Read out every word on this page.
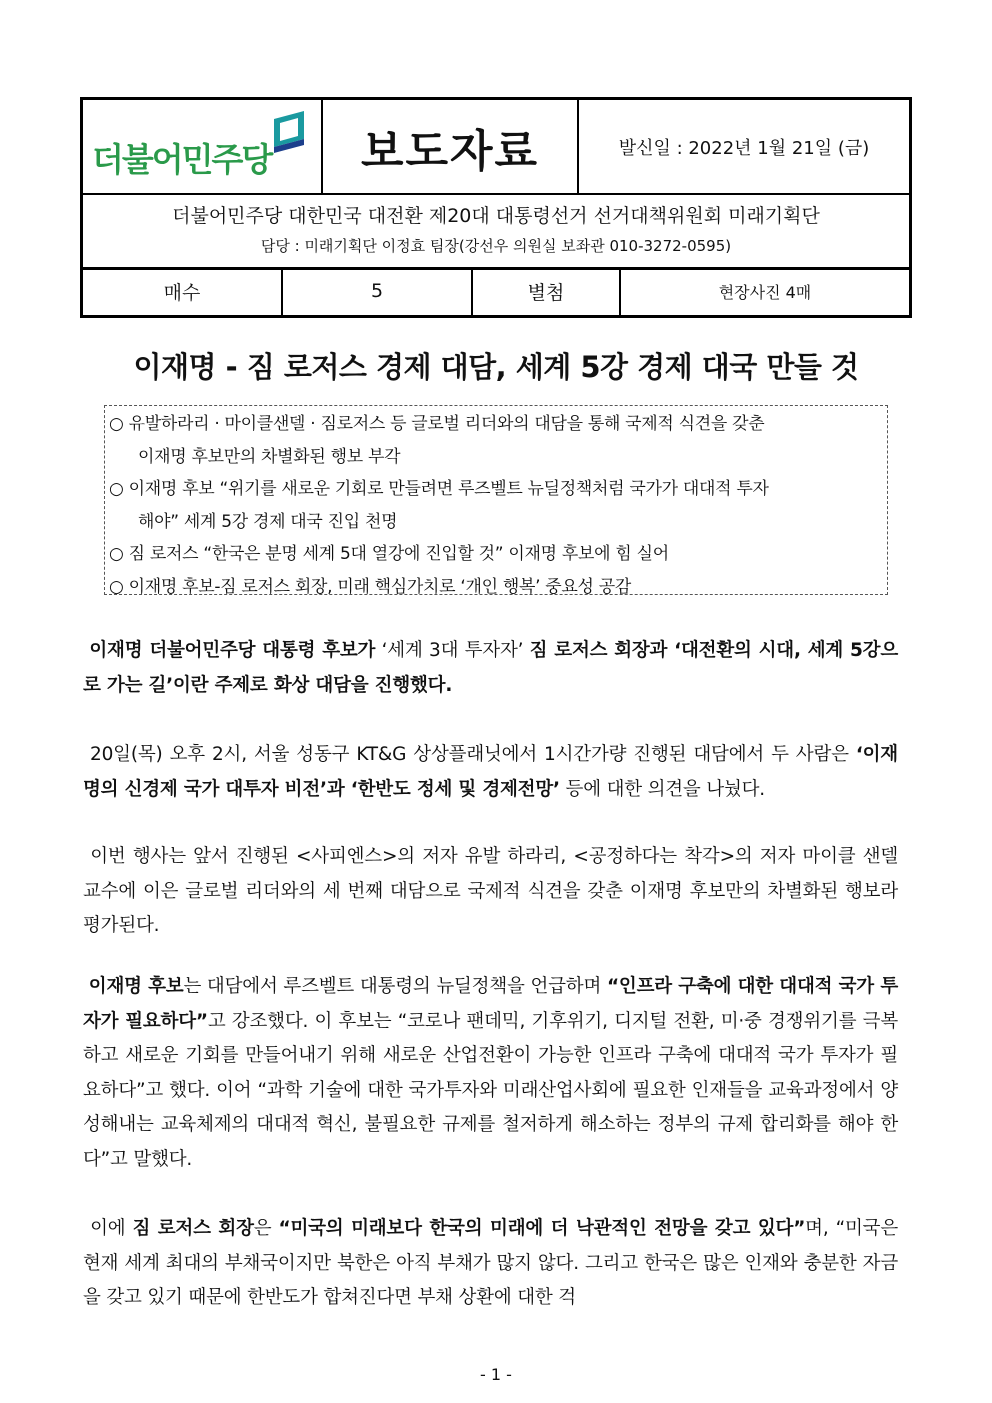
더불어민주당	보도자료	발신일 : 2022년 1월 21일 (금)
더불어민주당 대한민국 대전환 제20대 대통령선거 선거대책위원회 미래기획단
담당 : 미래기획단 이정효 팀장(강선우 의원실 보좌관 010-3272-0595)
매수	5	별첨	현장사진 4매
이재명 - 짐 로저스 경제 대담, 세계 5강 경제 대국 만들 것
○ 유발하라리 · 마이클샌델 · 짐로저스 등 글로벌 리더와의 대담을 통해 국제적 식견을 갖춘
이재명 후보만의 차별화된 행보 부각
○ 이재명 후보 “위기를 새로운 기회로 만들려면 루즈벨트 뉴딜정책처럼 국가가 대대적 투자
해야” 세계 5강 경제 대국 진입 천명
○ 짐 로저스 “한국은 분명 세계 5대 열강에 진입할 것” 이재명 후보에 힘 실어
○ 이재명 후보-짐 로저스 회장, 미래 핵심가치로 ‘개인 행복’ 중요성 공감
이재명 더불어민주당 대통령 후보가 ‘세계 3대 투자자’ 짐 로저스 회장과 ‘대전환의 시대, 세계 5강으로 가는 길’이란 주제로 화상 대담을 진행했다.
20일(목) 오후 2시, 서울 성동구 KT&G 상상플래닛에서 1시간가량 진행된 대담에서 두 사람은 ‘이재명의 신경제 국가 대투자 비전’과 ‘한반도 정세 및 경제전망’ 등에 대한 의견을 나눴다.
이번 행사는 앞서 진행된 <사피엔스>의 저자 유발 하라리, <공정하다는 착각>의 저자 마이클 샌델 교수에 이은 글로벌 리더와의 세 번째 대담으로 국제적 식견을 갖춘 이재명 후보만의 차별화된 행보라 평가된다.
이재명 후보는 대담에서 루즈벨트 대통령의 뉴딜정책을 언급하며 “인프라 구축에 대한 대대적 국가 투자가 필요하다”고 강조했다. 이 후보는 “코로나 팬데믹, 기후위기, 디지털 전환, 미·중 경쟁위기를 극복하고 새로운 기회를 만들어내기 위해 새로운 산업전환이 가능한 인프라 구축에 대대적 국가 투자가 필요하다”고 했다. 이어 “과학 기술에 대한 국가투자와 미래산업사회에 필요한 인재들을 교육과정에서 양성해내는 교육체제의 대대적 혁신, 불필요한 규제를 철저하게 해소하는 정부의 규제 합리화를 해야 한다”고 말했다.
이에 짐 로저스 회장은 “미국의 미래보다 한국의 미래에 더 낙관적인 전망을 갖고 있다”며, “미국은 현재 세계 최대의 부채국이지만 북한은 아직 부채가 많지 않다. 그리고 한국은 많은 인재와 충분한 자금을 갖고 있기 때문에 한반도가 합쳐진다면 부채 상환에 대한 걱
- 1 -
